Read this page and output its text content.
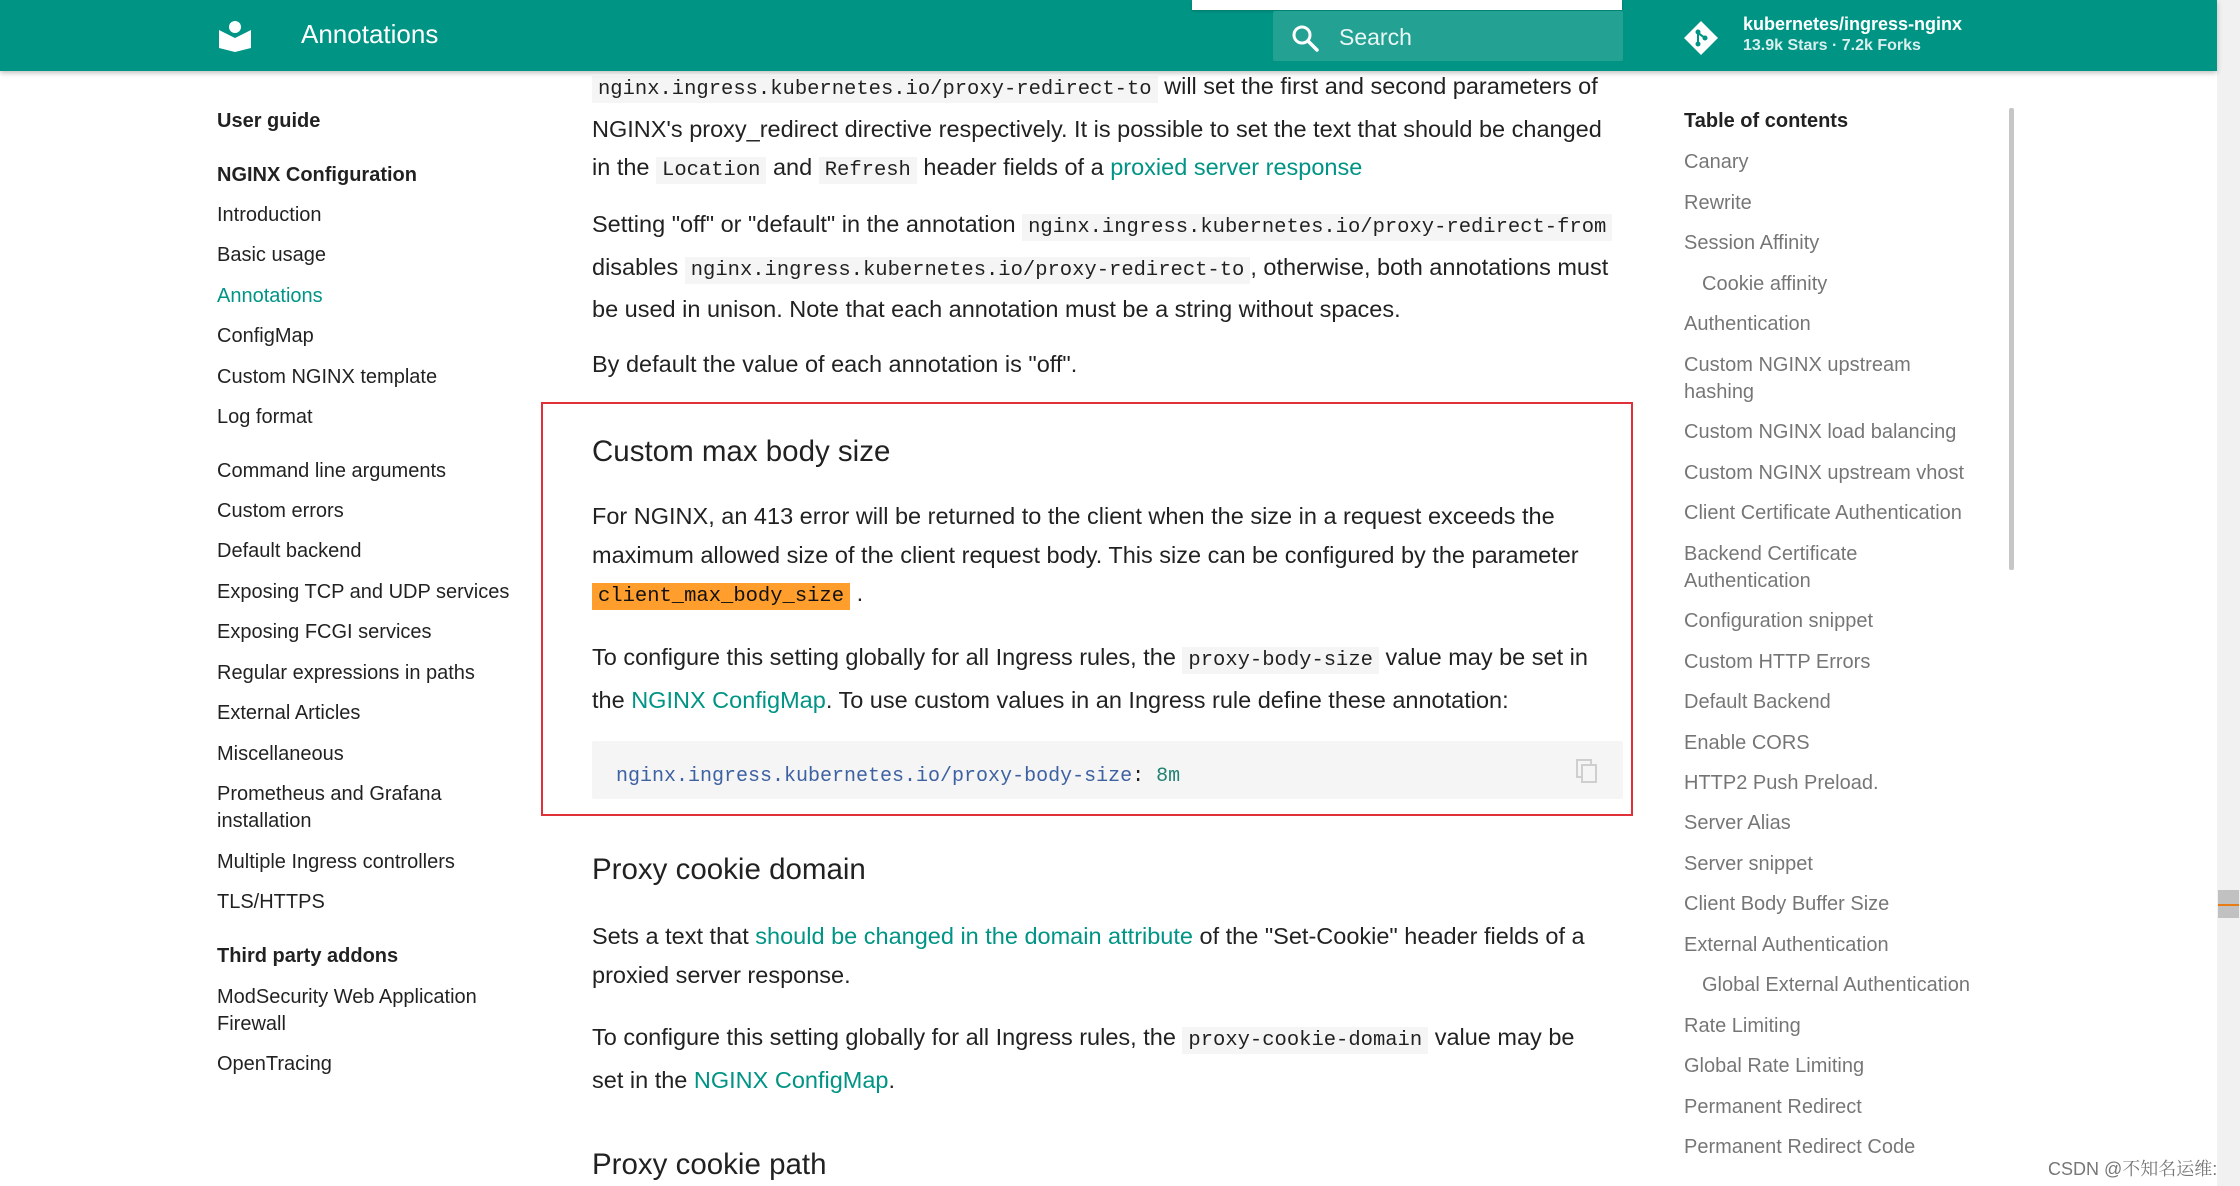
Annotations	Search	kubernetes/ingress-nginx
13.9k Stars · 7.2k Forks
User guide
NGINX Configuration
Introduction
Basic usage
Annotations
ConfigMap
Custom NGINX template
Log format
Command line arguments
Custom errors
Default backend
Exposing TCP and UDP services
Exposing FCGI services
Regular expressions in paths
External Articles
Miscellaneous
Prometheus and Grafana
installation
Multiple Ingress controllers
TLS/HTTPS
Third party addons
ModSecurity Web Application
Firewall
OpenTracing
nginx.ingress.kubernetes.io/proxy-redirect-to will set the first and second parameters of
NGINX's proxy_redirect directive respectively. It is possible to set the text that should be changed
in the Location and Refresh header fields of a proxied server response
Setting "off" or "default" in the annotation nginx.ingress.kubernetes.io/proxy-redirect-from
disables nginx.ingress.kubernetes.io/proxy-redirect-to , otherwise, both annotations must
be used in unison. Note that each annotation must be a string without spaces.
By default the value of each annotation is "off".
Custom max body size
For NGINX, an 413 error will be returned to the client when the size in a request exceeds the
maximum allowed size of the client request body. This size can be configured by the parameter
client_max_body_size .
To configure this setting globally for all Ingress rules, the proxy-body-size value may be set in
the NGINX ConfigMap. To use custom values in an Ingress rule define these annotation:
nginx.ingress.kubernetes.io/proxy-body-size: 8m
Proxy cookie domain
Sets a text that should be changed in the domain attribute of the "Set-Cookie" header fields of a
proxied server response.
To configure this setting globally for all Ingress rules, the proxy-cookie-domain value may be
set in the NGINX ConfigMap.
Proxy cookie path
Table of contents
Canary
Rewrite
Session Affinity
Cookie affinity
Authentication
Custom NGINX upstream
hashing
Custom NGINX load balancing
Custom NGINX upstream vhost
Client Certificate Authentication
Backend Certificate
Authentication
Configuration snippet
Custom HTTP Errors
Default Backend
Enable CORS
HTTP2 Push Preload.
Server Alias
Server snippet
Client Body Buffer Size
External Authentication
Global External Authentication
Rate Limiting
Global Rate Limiting
Permanent Redirect
Permanent Redirect Code
CSDN @不知名运维:
